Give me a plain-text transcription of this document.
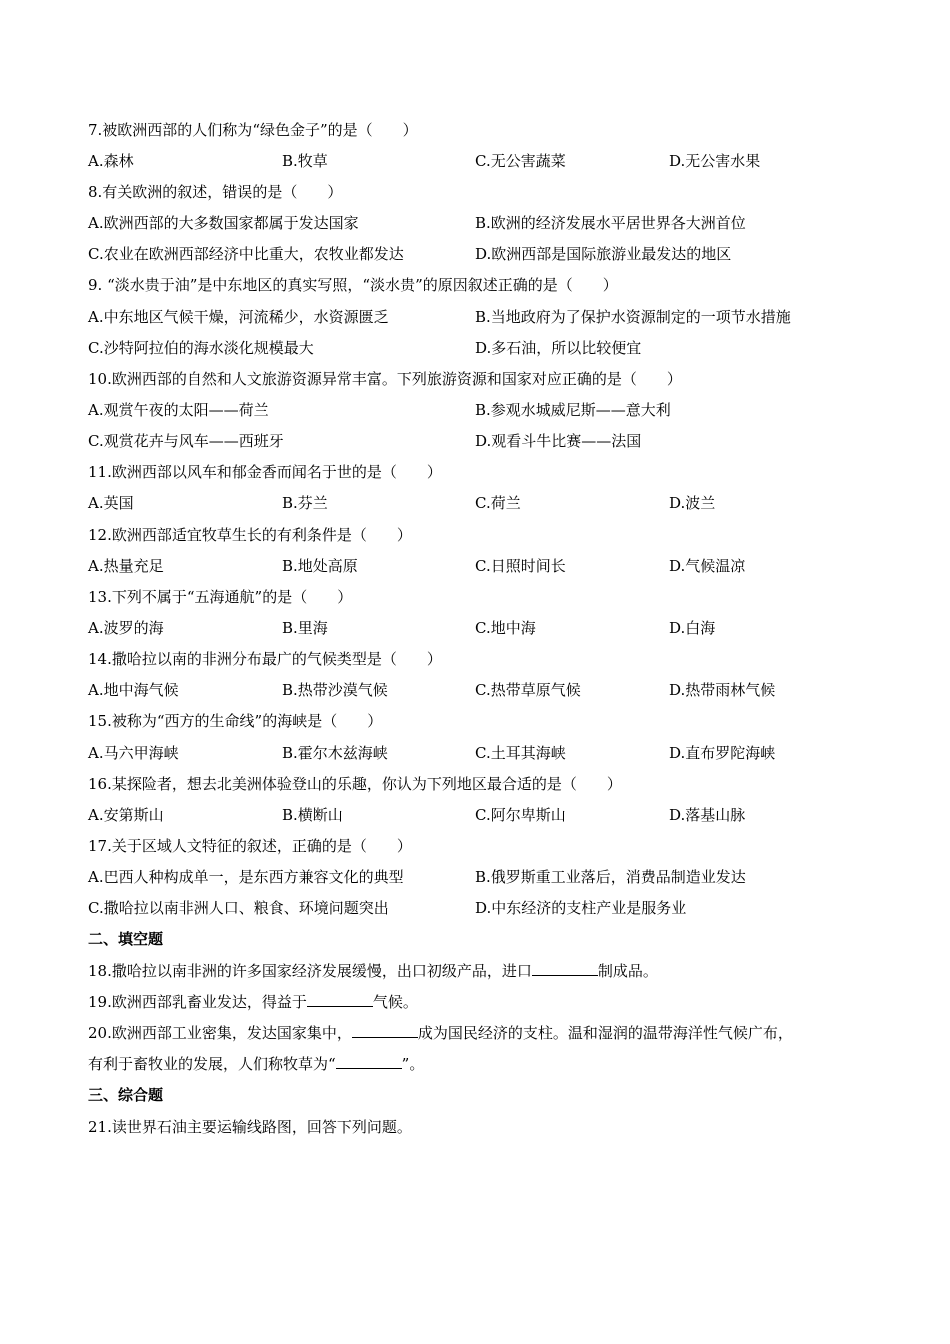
7.被欧洲西部的人们称为“绿色金子”的是（　　）
A.森林	B.牧草	C.无公害蔬菜	D.无公害水果
8.有关欧洲的叙述，错误的是（　　）
A.欧洲西部的大多数国家都属于发达国家	B.欧洲的经济发展水平居世界各大洲首位
C.农业在欧洲西部经济中比重大，农牧业都发达	D.欧洲西部是国际旅游业最发达的地区
9. “淡水贵于油”是中东地区的真实写照，“淡水贵”的原因叙述正确的是（　　）
A.中东地区气候干燥，河流稀少，水资源匮乏	B.当地政府为了保护水资源制定的一项节水措施
C.沙特阿拉伯的海水淡化规模最大	D.多石油，所以比较便宜
10.欧洲西部的自然和人文旅游资源异常丰富。下列旅游资源和国家对应正确的是（　　）
A.观赏午夜的太阳——荷兰	B.参观水城威尼斯——意大利
C.观赏花卉与风车——西班牙	D.观看斗牛比赛——法国
11.欧洲西部以风车和郁金香而闻名于世的是（　　）
A.英国	B.芬兰	C.荷兰	D.波兰
12.欧洲西部适宜牧草生长的有利条件是（　　）
A.热量充足	B.地处高原	C.日照时间长	D.气候温凉
13.下列不属于“五海通航”的是（　　）
A.波罗的海	B.里海	C.地中海	D.白海
14.撒哈拉以南的非洲分布最广的气候类型是（　　）
A.地中海气候	B.热带沙漠气候	C.热带草原气候	D.热带雨林气候
15.被称为“西方的生命线”的海峡是（　　）
A.马六甲海峡	B.霍尔木兹海峡	C.土耳其海峡	D.直布罗陀海峡
16.某探险者，想去北美洲体验登山的乐趣，你认为下列地区最合适的是（　　）
A.安第斯山	B.横断山	C.阿尔卑斯山	D.落基山脉
17.关于区域人文特征的叙述，正确的是（　　）
A.巴西人种构成单一，是东西方兼容文化的典型	B.俄罗斯重工业落后，消费品制造业发达
C.撒哈拉以南非洲人口、粮食、环境问题突出	D.中东经济的支柱产业是服务业
二、填空题
18.撒哈拉以南非洲的许多国家经济发展缓慢，出口初级产品，进口	制成品。
19.欧洲西部乳畜业发达，得益于	气候。
20.欧洲西部工业密集，发达国家集中，	成为国民经济的支柱。温和湿润的温带海洋性气候广布，
有利于畜牧业的发展，人们称牧草为“	”。
三、综合题
21.读世界石油主要运输线路图，回答下列问题。
